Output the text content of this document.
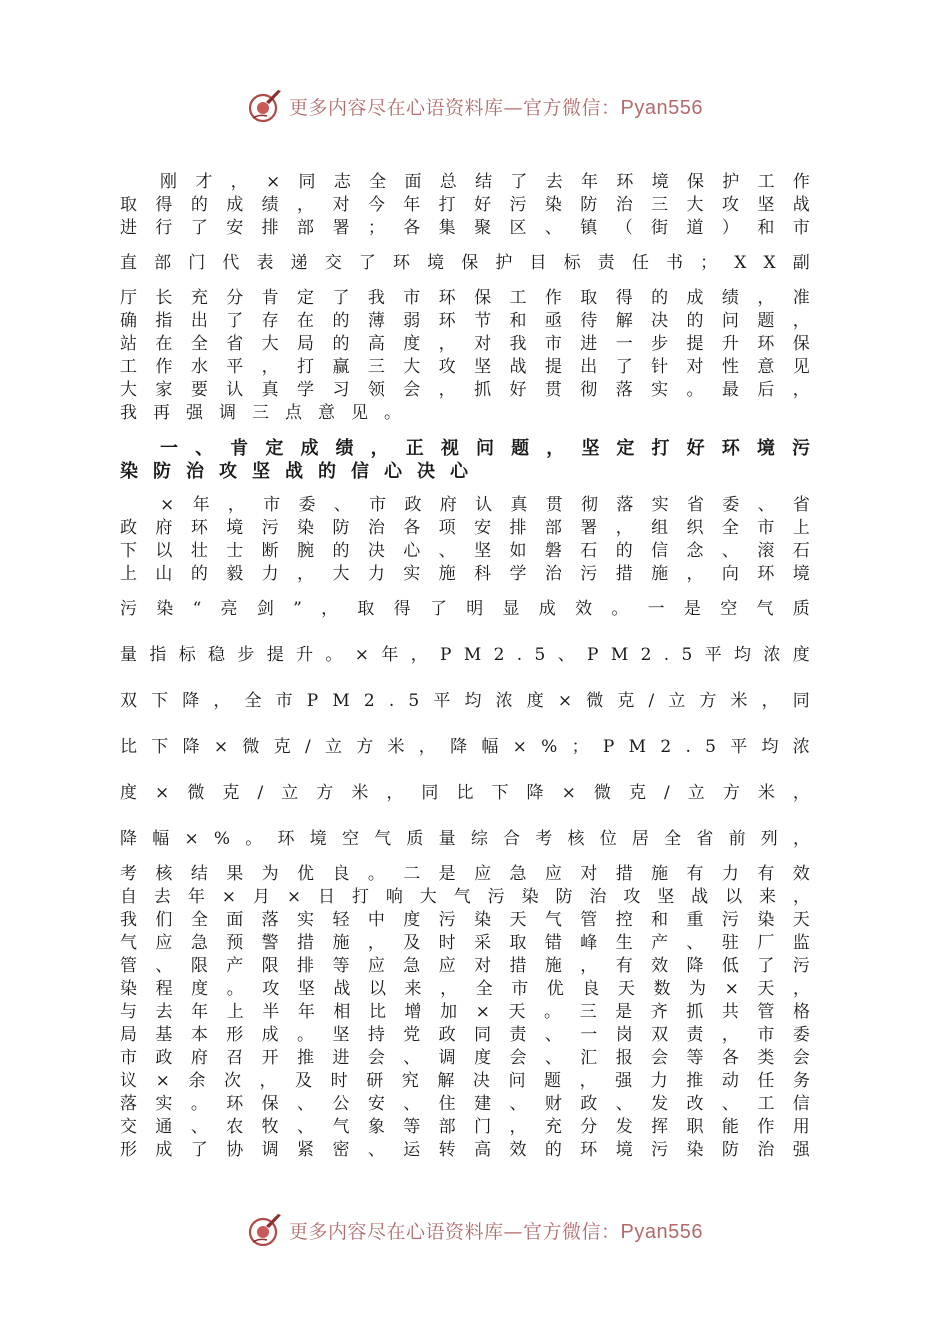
更多内容尽在心语资料库—官方微信：Pyan556
刚 才 ， × 同 志 全 面 总 结 了 去 年 环 境 保 护 工 作
取 得 的 成 绩 ， 对 今 年 打 好 污 染 防 治 三 大 攻 坚 战
进 行 了 安 排 部 署 ； 各 集 聚 区 、 镇 （ 街 道 ） 和 市
直 部 门 代 表 递 交 了 环 境 保 护 目 标 责 任 书 ； X X 副
厅 长 充 分 肯 定 了 我 市 环 保 工 作 取 得 的 成 绩 ， 准
确 指 出 了 存 在 的 薄 弱 环 节 和 亟 待 解 决 的 问 题 ，
站 在 全 省 大 局 的 高 度 ， 对 我 市 进 一 步 提 升 环 保
工 作 水 平 ， 打 赢 三 大 攻 坚 战 提 出 了 针 对 性 意 见
大 家 要 认 真 学 习 领 会 ， 抓 好 贯 彻 落 实 。 最 后 ，
我再强调三点意见。
一 、 肯 定 成 绩 ， 正 视 问 题 ， 坚 定 打 好 环 境 污
染防治攻坚战的信心决心
× 年 ， 市 委 、 市 政 府 认 真 贯 彻 落 实 省 委 、 省
政 府 环 境 污 染 防 治 各 项 安 排 部 署 ， 组 织 全 市 上
下 以 壮 士 断 腕 的 决 心 、 坚 如 磐 石 的 信 念 、 滚 石
上 山 的 毅 力 ， 大 力 实 施 科 学 治 污 措 施 ， 向 环 境
污 染 “ 亮 剑 ” ， 取 得 了 明 显 成 效 。 一 是 空 气 质
量 指 标 稳 步 提 升 。 × 年 ， P M 2 . 5 、 P M 2 . 5 平 均 浓 度
双 下 降 ， 全 市 P M 2 . 5 平 均 浓 度 × 微 克 / 立 方 米 ， 同
比 下 降 × 微 克 / 立 方 米 ， 降 幅 × % ； P M 2 . 5 平 均 浓
度 × 微 克 / 立 方 米 ， 同 比 下 降 × 微 克 / 立 方 米 ，
降 幅 × % 。 环 境 空 气 质 量 综 合 考 核 位 居 全 省 前 列 ，
考 核 结 果 为 优 良 。 二 是 应 急 应 对 措 施 有 力 有 效
自 去 年 × 月 × 日 打 响 大 气 污 染 防 治 攻 坚 战 以 来 ，
我 们 全 面 落 实 轻 中 度 污 染 天 气 管 控 和 重 污 染 天
气 应 急 预 警 措 施 ， 及 时 采 取 错 峰 生 产 、 驻 厂 监
管 、 限 产 限 排 等 应 急 应 对 措 施 ， 有 效 降 低 了 污
染 程 度 。 攻 坚 战 以 来 ， 全 市 优 良 天 数 为 × 天 ，
与 去 年 上 半 年 相 比 增 加 × 天 。 三 是 齐 抓 共 管 格
局 基 本 形 成 。 坚 持 党 政 同 责 、 一 岗 双 责 ， 市 委
市 政 府 召 开 推 进 会 、 调 度 会 、 汇 报 会 等 各 类 会
议 × 余 次 ， 及 时 研 究 解 决 问 题 ， 强 力 推 动 任 务
落 实 。 环 保 、 公 安 、 住 建 、 财 政 、 发 改 、 工 信
交 通 、 农 牧 、 气 象 等 部 门 ， 充 分 发 挥 职 能 作 用
形 成 了 协 调 紧 密 、 运 转 高 效 的 环 境 污 染 防 治 强
更多内容尽在心语资料库—官方微信：Pyan556
